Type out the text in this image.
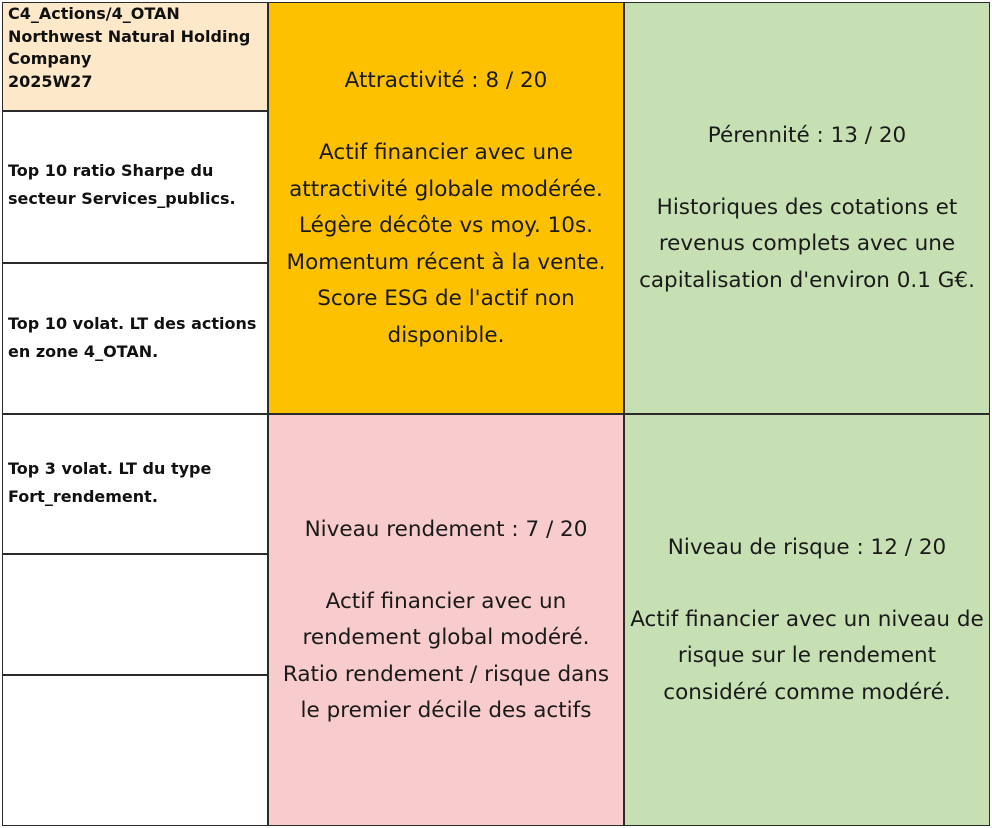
C4_Actions/4_OTAN
Northwest Natural Holding
Company
2025W27
Top 10 ratio Sharpe du
secteur Services_publics.
Top 10 volat. LT des actions
en zone 4_OTAN.
Top 3 volat. LT du type
Fort_rendement.
Attractivité : 8 / 20
Actif financier avec une
attractivité globale modérée.
Légère décôte vs moy. 10s.
Momentum récent à la vente.
Score ESG de l'actif non
disponible.
Pérennité : 13 / 20
Historiques des cotations et
revenus complets avec une
capitalisation d'environ 0.1 G€.
Niveau rendement : 7 / 20
Actif financier avec un
rendement global modéré.
Ratio rendement / risque dans
le premier décile des actifs
Niveau de risque : 12 / 20
Actif financier avec un niveau de
risque sur le rendement
considéré comme modéré.
